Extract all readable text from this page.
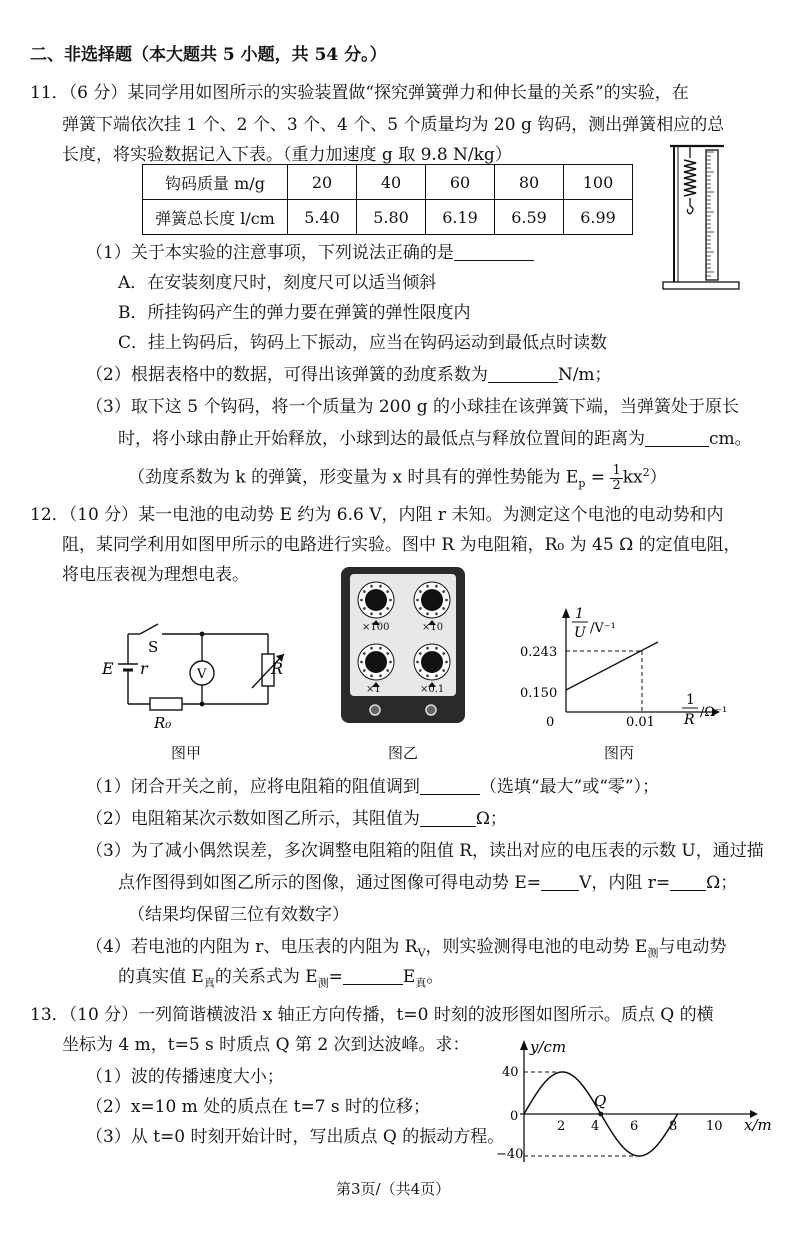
二、非选择题（本大题共 5 小题，共 54 分。）
11．（6 分）某同学用如图所示的实验装置做“探究弹簧弹力和伸长量的关系”的实验，在
弹簧下端依次挂 1 个、2 个、3 个、4 个、5 个质量均为 20 g 钩码，测出弹簧相应的总
长度，将实验数据记入下表。（重力加速度 g 取 9.8 N/kg）
钩码质量 m/g	20	40	60	80	100
弹簧总长度 l/cm	5.40	5.80	6.19	6.59	6.99
（1）关于本实验的注意事项，下列说法正确的是
A．在安装刻度尺时，刻度尺可以适当倾斜
B．所挂钩码产生的弹力要在弹簧的弹性限度内
C．挂上钩码后，钩码上下振动，应当在钩码运动到最低点时读数
（2）根据表格中的数据，可得出该弹簧的劲度系数为	N/m；
（3）取下这 5 个钩码，将一个质量为 200 g 的小球挂在该弹簧下端，当弹簧处于原长
时，将小球由静止开始释放，小球到达的最低点与释放位置间的距离为	cm。
（劲度系数为 k 的弹簧，形变量为 x 时具有的弹性势能为 $E_p = \frac{1}{2} kx^2$）
12．（10 分）某一电池的电动势 E 约为 6.6 V，内阻 r 未知。为测定这个电池的电动势和内
阻，某同学利用如图甲所示的电路进行实验。图中 R 为电阻箱，R₀ 为 45 Ω 的定值电阻，
将电压表视为理想电表。
E r
S
V	R
R₀
图甲
×100	×10
×1	×0.1
图乙
1
U /V⁻¹
0.243
0.150
0	0.01
1
R /Ω⁻¹
图丙
（1）闭合开关之前，应将电阻箱的阻值调到	（选填“最大”或“零”）；
（2）电阻箱某次示数如图乙所示，其阻值为	Ω；
（3）为了减小偶然误差，多次调整电阻箱的阻值 R，读出对应的电压表的示数 U，通过描
点作图得到如图乙所示的图像，通过图像可得电动势 E= V，内阻 r= Ω；
（结果均保留三位有效数字）
（4）若电池的内阻为 r、电压表的内阻为 $R_V$，则实验测得电池的电动势 $E_测$与电动势
的真实值 $E_真$的关系式为 $E_测=$	$E_真$。
13．（10 分）一列简谐横波沿 x 轴正方向传播，t=0 时刻的波形图如图所示。质点 Q 的横
坐标为 4 m，t=5 s 时质点 Q 第 2 次到达波峰。求：
（1）波的传播速度大小；
（2）x=10 m 处的质点在 t=7 s 时的位移；
（3）从 t=0 时刻开始计时，写出质点 Q 的振动方程。
y/cm
x/m
40
−40
0
Q
2 4 6 8 10
第3页/（共4页）
